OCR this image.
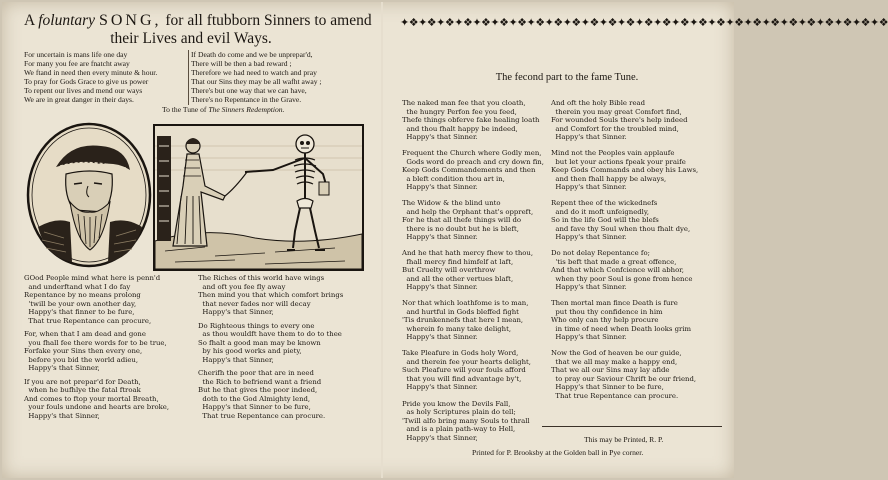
A foluntary SONG, for all ftubborn Sinners to amend
their Lives and evil Ways.
For uncertain is mans life one day
For many you fee are fnatcht away
We ftand in need then every minute & hour.
To pray for Gods Grace to give us power
To repent our lives and mend our ways
We are in great danger in their days.
If Death do come and we be unprepar'd,
There will be then a bad reward ;
Therefore we had need to watch and pray
That our Sins they may be all wafht away ;
There's but one way that we can have,
There's no Repentance in the Grave.
To the Tune of The Sinners Redemption.
GOod People mind what here is penn'd
and underftand what I do fay
Repentance by no means prolong
'twill be your own another day,
Happy's that finner to be fure,
That true Repentance can procure,
For, when that I am dead and gone
you fhall fee there words for to be true,
Forfake your Sins then every one,
before you bid the world adieu,
Happy's that Sinner,
If you are not prepar'd for Death,
when he bufhlye the fatal ftroak
And comes to ftop your mortal Breath,
your fouls undone and hearts are broke,
Happy's that Sinner,
The Riches of this world have wings
and oft you fee fly away
Then mind you that which comfort brings
that never fades nor will decay
Happy's that Sinner,
Do Righteous things to every one
as thou wouldft have them to do to thee
So fhalt a good man may be known
by his good works and piety,
Happy's that Sinner,
Cherifh the poor that are in need
the Rich to befriend want a friend
But he that gives the poor indeed,
doth to the God Almighty lend,
Happy's that Sinner to be fure,
That true Repentance can procure.
✦❖✦❖✦❖✦❖✦❖✦❖✦❖✦❖✦❖✦❖✦❖✦❖✦❖✦❖✦❖✦❖✦❖✦❖✦❖✦❖✦❖✦❖✦❖✦❖✦❖✦❖✦❖
The fecond part to the fame Tune.
The naked man fee that you cloath,
the hungry Perfon fee you feed,
Thefe things obferve fake healing loath
and thou fhalt happy be indeed,
Happy's that Sinner.
Frequent the Church where Godly men,
Gods word do preach and cry down fin,
Keep Gods Commandements and then
a bleft condition thou art in,
Happy's that Sinner.
The Widow & the blind unto
and help the Orphant that's oppreft,
For he that all thefe things will do
there is no doubt but he is bleft,
Happy's that Sinner.
And he that hath mercy fhew to thou,
fhall mercy find himfelf at laft,
But Cruelty will overthrow
and all the other vertues blaft,
Happy's that Sinner.
Nor that which loathfome is to man,
and hurtful in Gods bleffed fight
'Tis drunkennefs that here I mean,
wherein fo many take delight,
Happy's that Sinner.
Take Pleafure in Gods holy Word,
and therein fee your hearts delight,
Such Pleafure will your fouls afford
that you will find advantage by't,
Happy's that Sinner.
Pride you know the Devils Fall,
as holy Scriptures plain do tell;
'Twill alfo bring many Souls to thrall
and is a plain path-way to Hell,
Happy's that Sinner,
And oft the holy Bible read
therein you may great Comfort find,
For wounded Souls there's help indeed
and Comfort for the troubled mind,
Happy's that Sinner.
Mind not the Peoples vain applaufe
but let your actions fpeak your praife
Keep Gods Commands and obey his Laws,
and then fhall happy be always,
Happy's that Sinner.
Repent thee of the wickednefs
and do it moft unfeignedly,
So in the life God will the blefs
and fave thy Soul when thou fhalt dye,
Happy's that Sinner.
Do not delay Repentance fo;
'tis beft that made a great offence,
And that which Confcience will abhor,
when thy poor Soul is gone from hence
Happy's that Sinner.
Then mortal man fince Death is fure
put thou thy confidence in him
Who only can thy help procure
in time of need when Death looks grim
Happy's that Sinner.
Now the God of heaven be our guide,
that we all may make a happy end,
That we all our Sins may lay afide
to pray our Saviour Chrift be our friend,
Happy's that Sinner to be fure,
That true Repentance can procure.
This may be Printed, R. P.
Printed for P. Brooksby at the Golden ball in Pye corner.
